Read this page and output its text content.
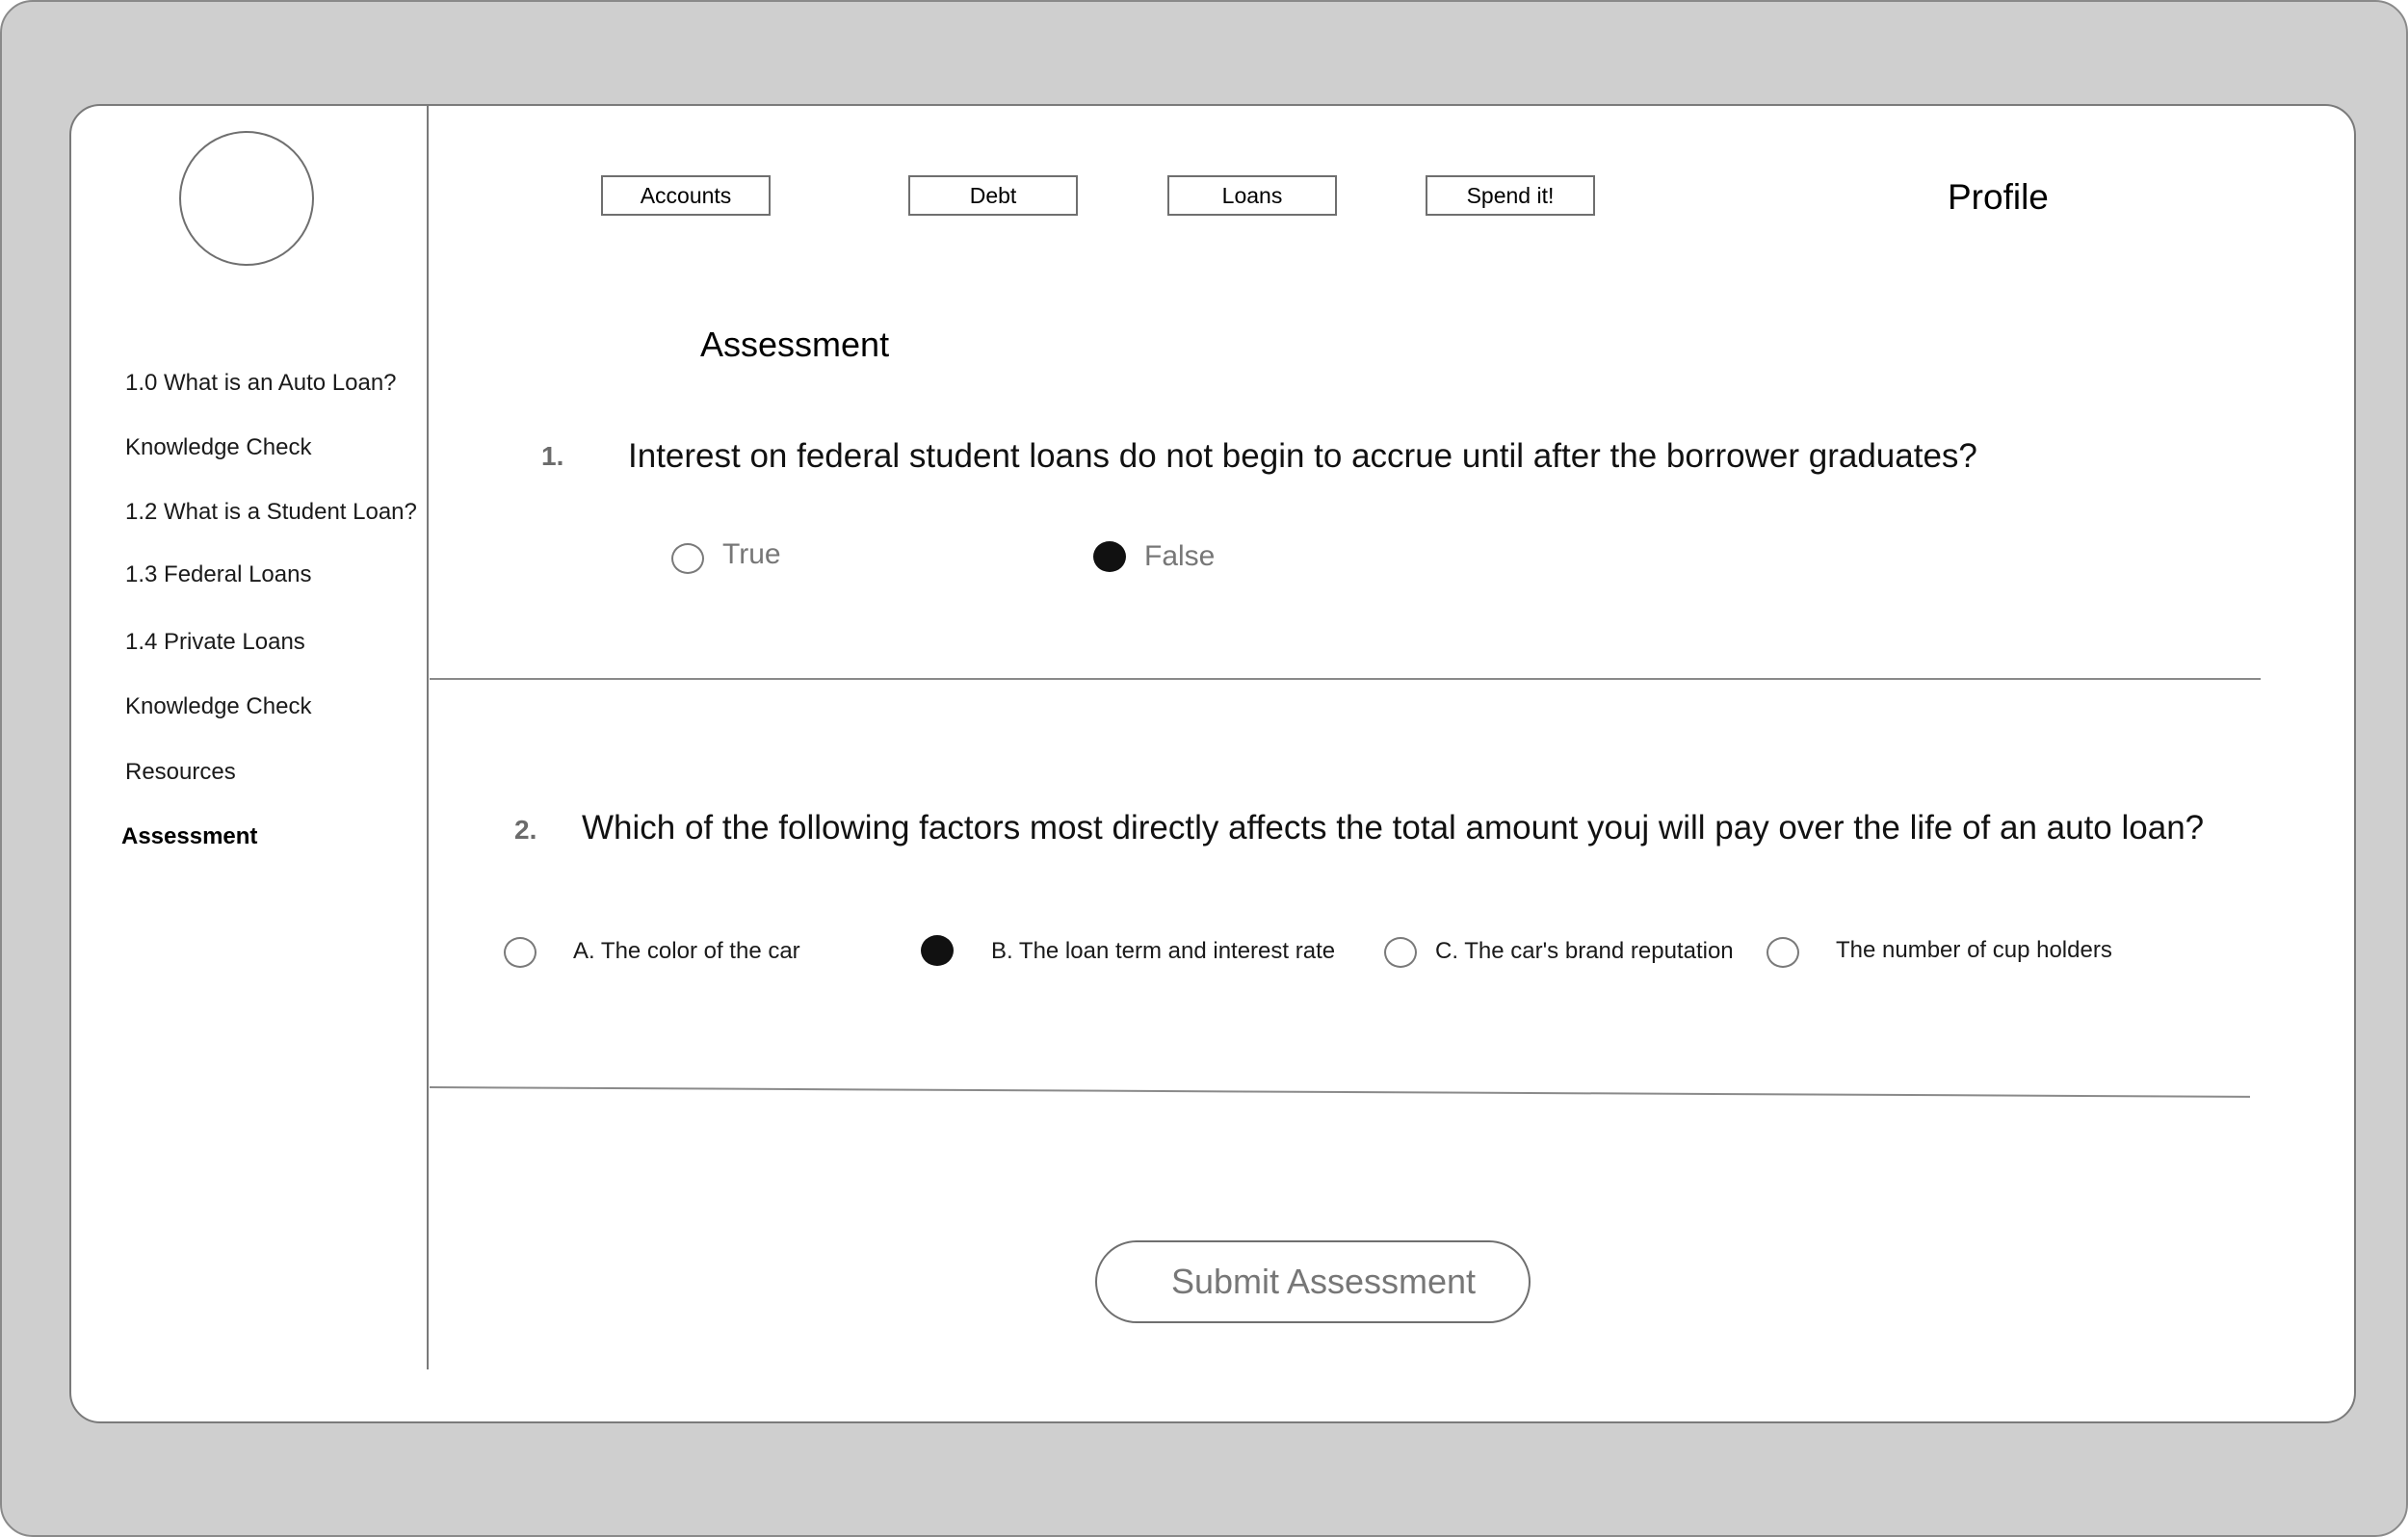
1.0 What is an Auto Loan?
Knowledge Check
1.2 What is a Student Loan?
1.3 Federal Loans
1.4 Private Loans
Knowledge Check
Resources
Assessment
Accounts	Debt	Loans	Spend it!	Profile
Assessment
1. Interest on federal student loans do not begin to accrue until after the borrower graduates?
True	False
2. Which of the following factors most directly affects the total amount youj will pay over the life of an auto loan?
A. The color of the car	B. The loan term and interest rate	C. The car's brand reputation	The number of cup holders
Submit Assessment
